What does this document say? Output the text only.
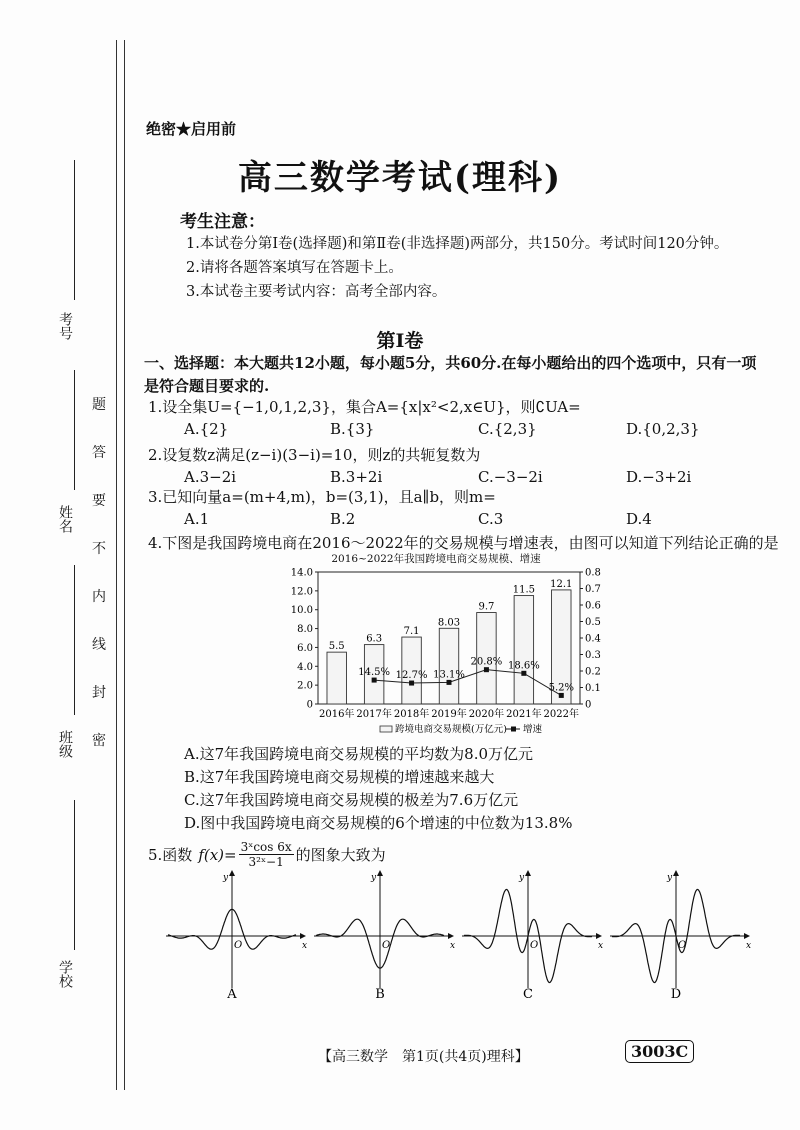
考号
姓名
班级
学校
题
答
要
不
内
线
封
密
绝密★启用前
高三数学考试(理科)
考生注意：
1.本试卷分第Ⅰ卷(选择题)和第Ⅱ卷(非选择题)两部分，共150分。考试时间120分钟。
2.请将各题答案填写在答题卡上。
3.本试卷主要考试内容：高考全部内容。
第Ⅰ卷
一、选择题：本大题共12小题，每小题5分，共60分.在每小题给出的四个选项中，只有一项是符合题目要求的.
1.设全集U={−1,0,1,2,3}，集合A={x|x²<2,x∈U}，则∁UA=
A.{2}	B.{3}	C.{2,3}	D.{0,2,3}
2.设复数z满足(z−i)(3−i)=10，则z的共轭复数为
A.3−2i	B.3+2i	C.−3−2i	D.−3+2i
3.已知向量a=(m+4,m)，b=(3,1)，且a∥b，则m=
A.1	B.2	C.3	D.4
4.下图是我国跨境电商在2016～2022年的交易规模与增速表，由图可以知道下列结论正确的是
2016~2022年我国跨境电商交易规模、增速
0
2.0
4.0
6.0
8.0
10.0
12.0
14.0
0
0.1
0.2
0.3
0.4
0.5
0.6
0.7
0.8
2016年 2017年 2018年 2019年 2020年 2021年 2022年
5.5
6.3
7.1
8.03
9.7
11.5
12.1
14.5% 12.7% 13.1%
20.8% 18.6%
5.2%
跨境电商交易规模(万亿元) 增速
A.这7年我国跨境电商交易规模的平均数为8.0万亿元
B.这7年我国跨境电商交易规模的增速越来越大
C.这7年我国跨境电商交易规模的极差为7.6万亿元
D.图中我国跨境电商交易规模的6个增速的中位数为13.8%
5.函数 $f(x)= \frac{\text{3ˣcos 6x}}{\text{3²ˣ−1}}$ 的图象大致为
x
y
O
A
x
y
O
B
x
y
O
C
x
y
O
D
【高三数学　第1页(共4页)理科】	3003C
